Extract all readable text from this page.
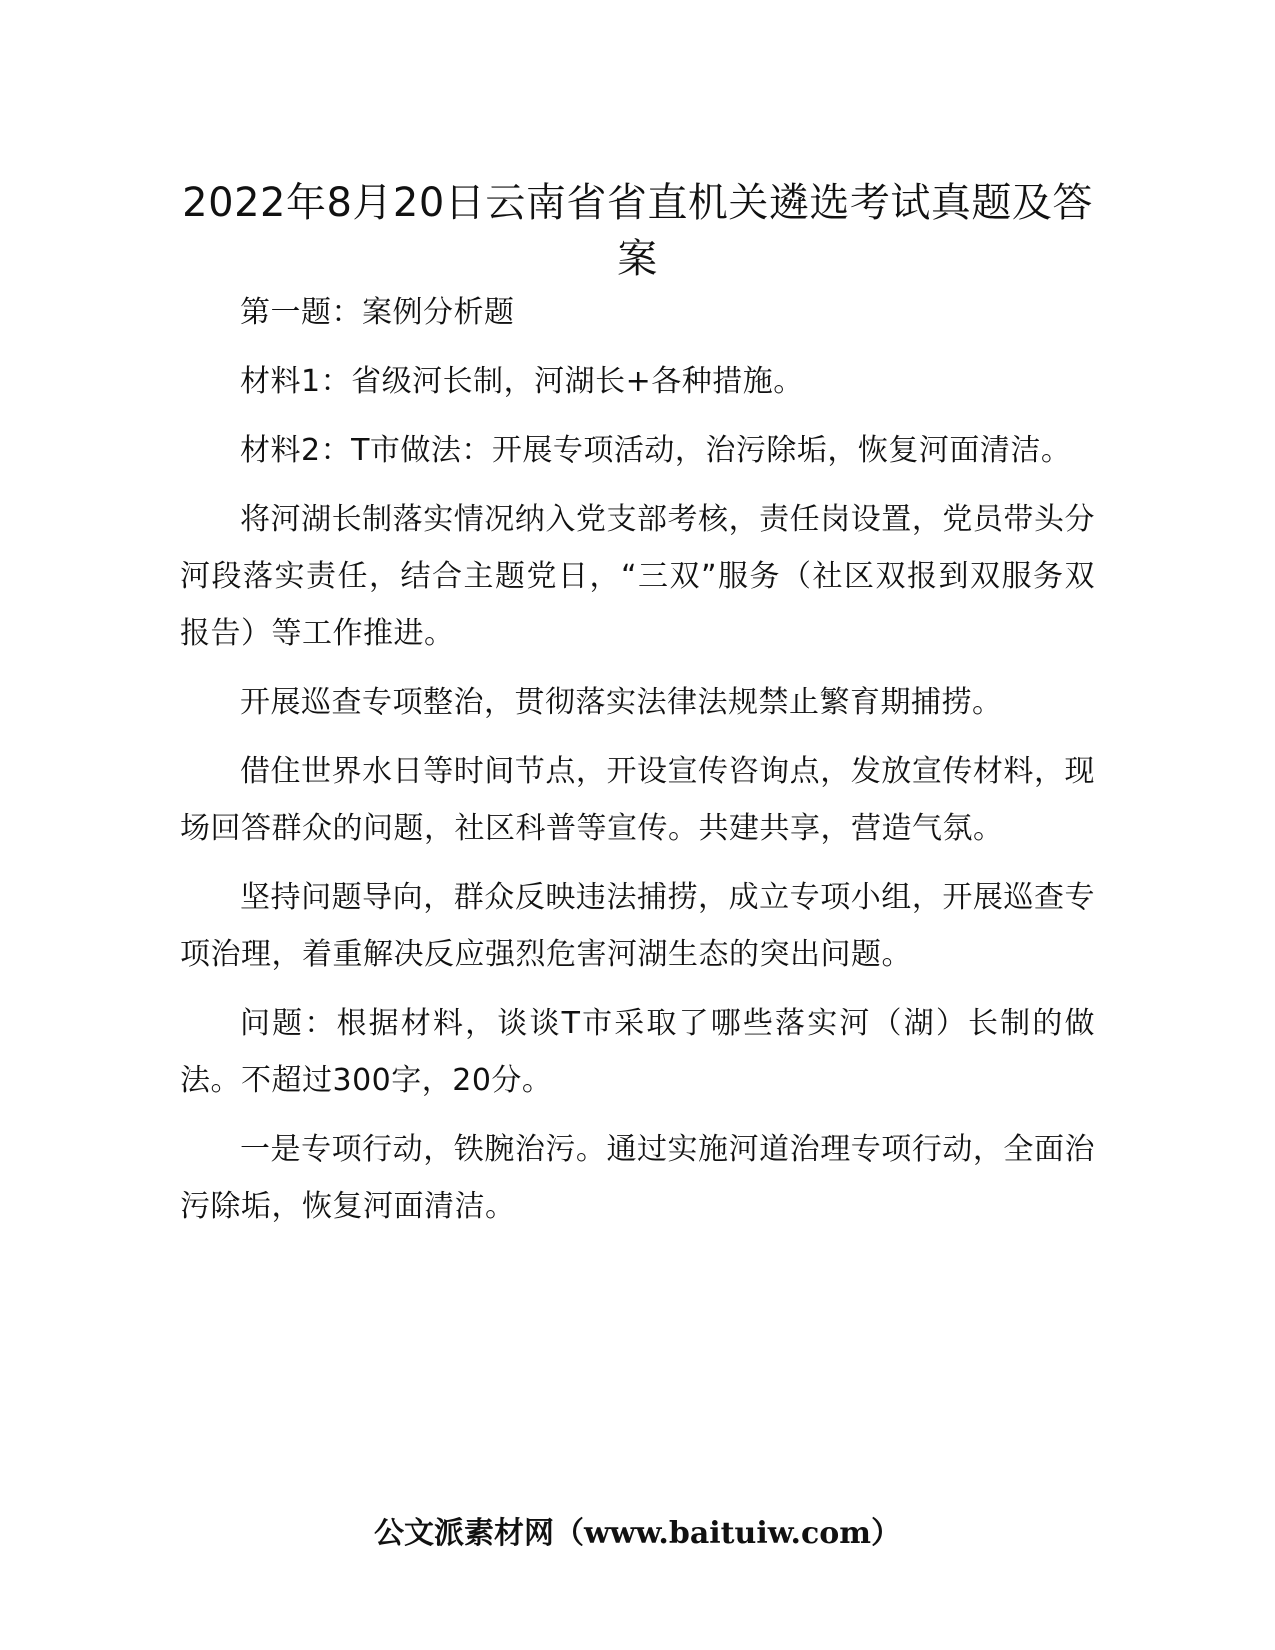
2022年8月20日云南省省直机关遴选考试真题及答案

第一题：案例分析题

材料1：省级河长制，河湖长+各种措施。

材料2：T市做法：开展专项活动，治污除垢，恢复河面清洁。

将河湖长制落实情况纳入党支部考核，责任岗设置，党员带头分河段落实责任，结合主题党日，“三双”服务（社区双报到双服务双报告）等工作推进。

开展巡查专项整治，贯彻落实法律法规禁止繁育期捕捞。

借住世界水日等时间节点，开设宣传咨询点，发放宣传材料，现场回答群众的问题，社区科普等宣传。共建共享，营造气氛。

坚持问题导向，群众反映违法捕捞，成立专项小组，开展巡查专项治理，着重解决反应强烈危害河湖生态的突出问题。

问题：根据材料，谈谈T市采取了哪些落实河（湖）长制的做法。不超过300字，20分。

一是专项行动，铁腕治污。通过实施河道治理专项行动，全面治污除垢，恢复河面清洁。

公文派素材网（www.baituiw.com）
